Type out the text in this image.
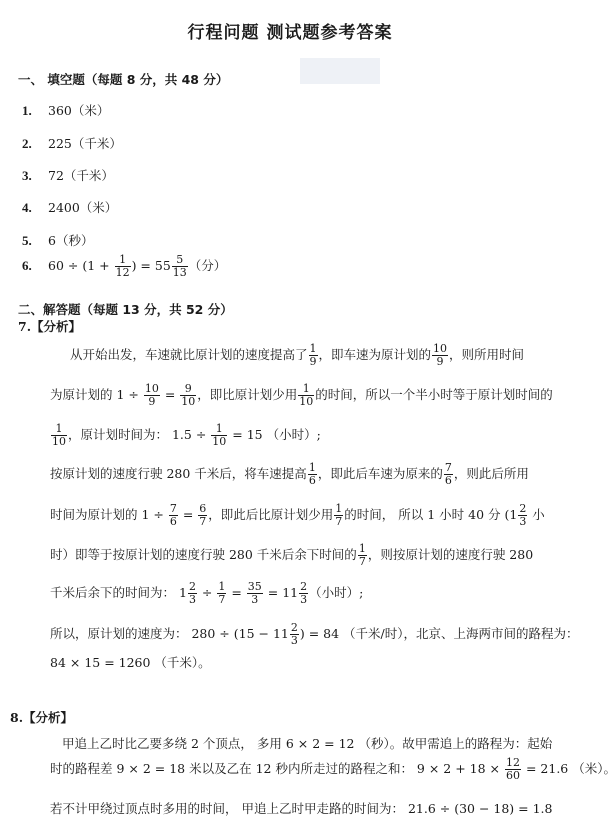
行程问题 测试题参考答案
一、 填空题（每题 8 分，共 48 分）
1. 360（米）
2. 225（千米）
3. 72（千米）
4. 2400（米）
5. 6（秒）
6. $60 \div (1 + \frac{1}{12}$ ) = $55 \frac{5}{13}$ （分）
二、解答题（每题 13 分，共 52 分）
7.【分析】
从开始出发，车速就比原计划的速度提高了 $\frac{1}{9}$ ，即车速为原计划的 $\frac{10}{9}$ ，则所用时间
为原计划的 $1 \div \frac{10}{9} = \frac{9}{10}$ ，即比原计划少用 $\frac{1}{10}$ 的时间，所以一个半小时等于原计划时间的
$\frac{1}{10}$ ，原计划时间为： $1.5 \div \frac{1}{10} = 15$ （小时）;
按原计划的速度行驶 280 千米后，将车速提高 $\frac{1}{6}$ ，即此后车速为原来的 $\frac{7}{6}$ ，则此后所用
时间为原计划的 $1 \div \frac{7}{6} = \frac{6}{7}$ ，即此后比原计划少用 $\frac{1}{7}$ 的时间， 所以 1 小时 40 分 ($1 \frac{2}{3}$ 小
时）即等于按原计划的速度行驶 280 千米后余下时间的 $\frac{1}{7}$ ，则按原计划的速度行驶 280
千米后余下的时间为： $1 \frac{2}{3} \div \frac{1}{7} = \frac{35}{3} = 11 \frac{2}{3}$ （小时）;
所以，原计划的速度为： $280 \div (15 - 11 \frac{2}{3}$ ) = 84 （千米/时），北京、上海两市间的路程为：
84 × 15 = 1260 （千米）。
8.【分析】
甲追上乙时比乙要多绕 2 个顶点， 多用 6 × 2 = 12 （秒）。故甲需追上的路程为：起始
时的路程差 9 × 2 = 18 米以及乙在 12 秒内所走过的路程之和： $9 \times 2 + 18 \times \frac{12}{60} = 21.6$ （米）。
若不计甲绕过顶点时多用的时间， 甲追上乙时甲走路的时间为： 21.6 ÷ (30 − 18) = 1.8
